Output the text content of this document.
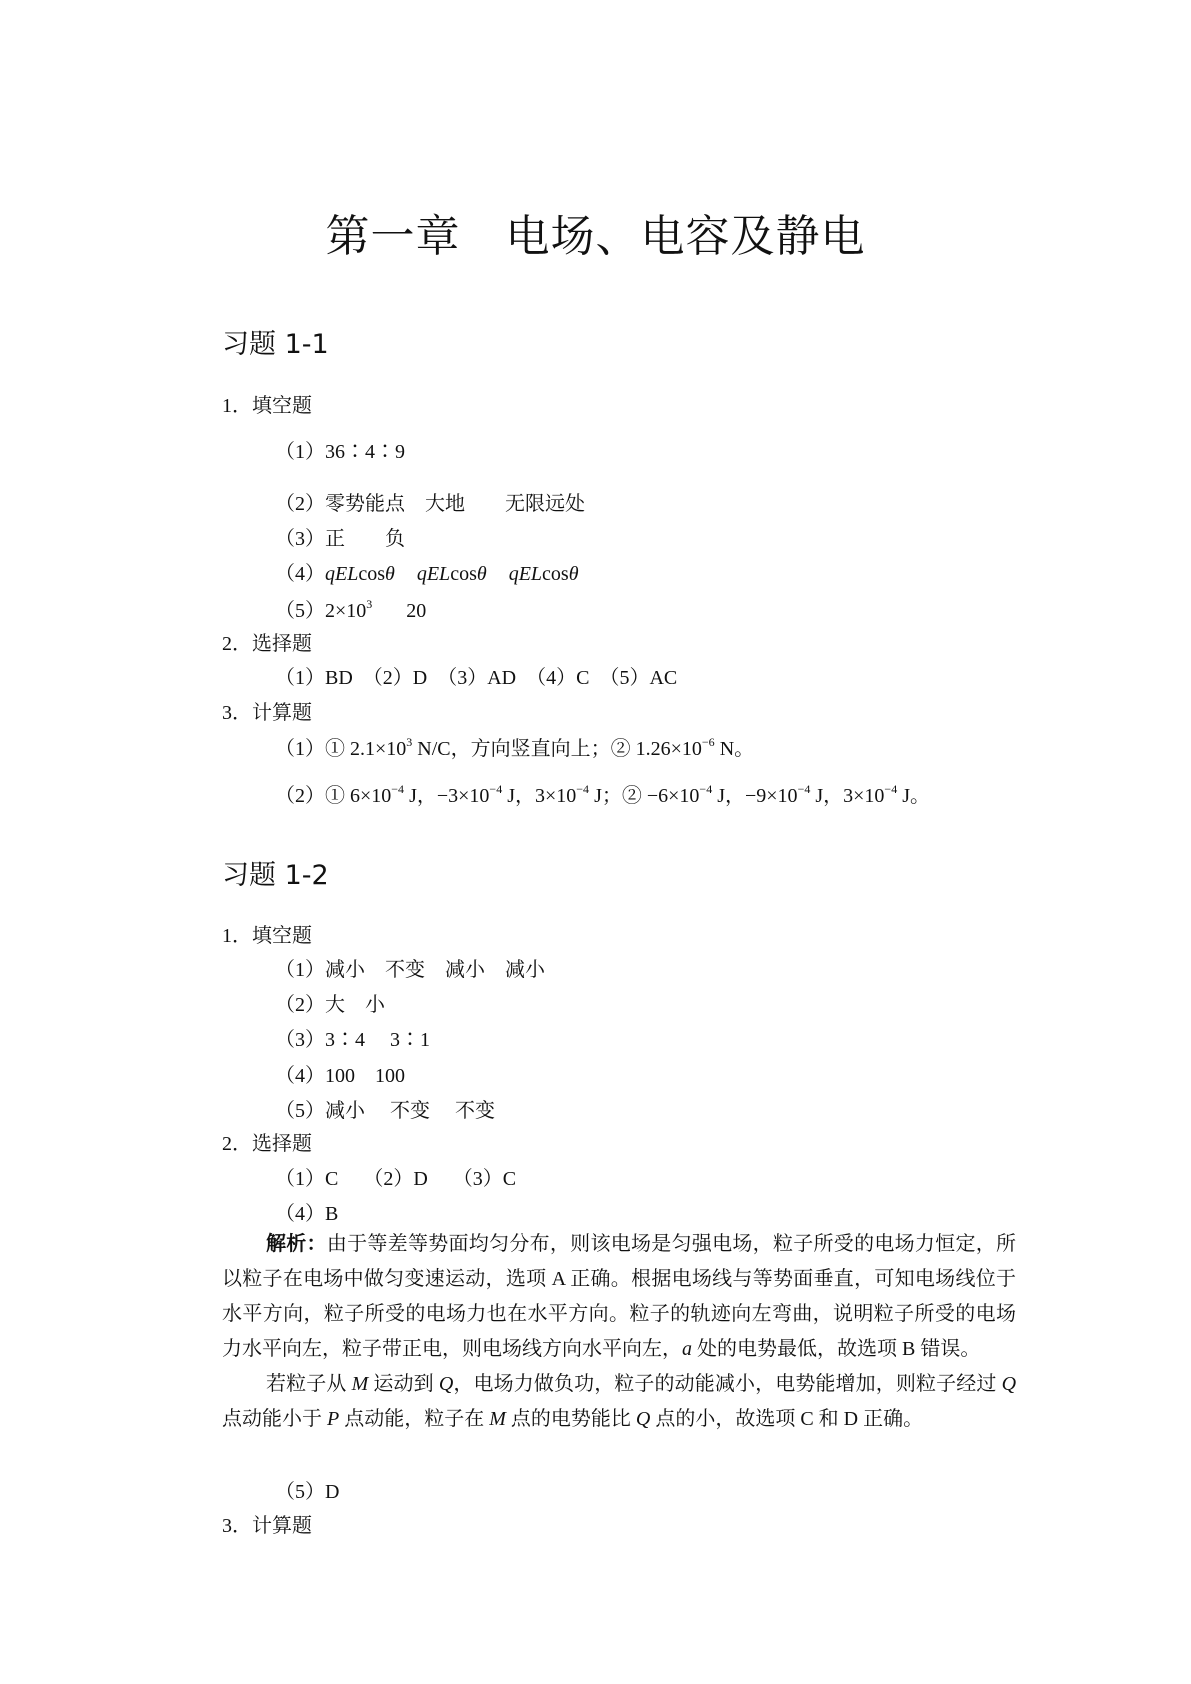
第一章　电场、电容及静电
习题 1-1
1．填空题
（1）36∶4∶9
（2）零势能点　大地　　无限远处
（3）正　　负
（4）qELcosθ qELcosθ qELcosθ
$(5)2\times 10^3$ 20
2．选择题
（1）BD　（2）D　（3）AD　（4）C　（5）AC
3．计算题
（1）① $2.1\times 10^3$ N/C，方向竖直向上；② $1.26\times 10^{-6}$ N。
（2）① $6\times 10^{-4}$ J，$-3\times 10^{-4}$ J，$3\times 10^{-4}$ J；② $-6\times 10^{-4}$ J，$-9\times 10^{-4}$ J，$3\times 10^{-4}$ J。
习题 1-2
1．填空题
（1）减小　不变　减小　减小
（2）大　小
（3）3∶4　 3∶1
（4）100　100
（5）减小　 不变　 不变
2．选择题
（1）C　 （2）D　 （3）C
（4）B

解析：由于等差等势面均匀分布，则该电场是匀强电场，粒子所受的电场力恒定，所以粒子在电场中做匀变速运动，选项 A 正确。根据电场线与等势面垂直，可知电场线位于水平方向，粒子所受的电场力也在水平方向。粒子的轨迹向左弯曲，说明粒子所受的电场力水平向左，粒子带正电，则电场线方向水平向左，a 处的电势最低，故选项 B 错误。

若粒子从 M 运动到 Q，电场力做负功，粒子的动能减小，电势能增加，则粒子经过 Q 点动能小于 P 点动能，粒子在 M 点的电势能比 Q 点的小，故选项 C 和 D 正确。

（5）D
3．计算题
